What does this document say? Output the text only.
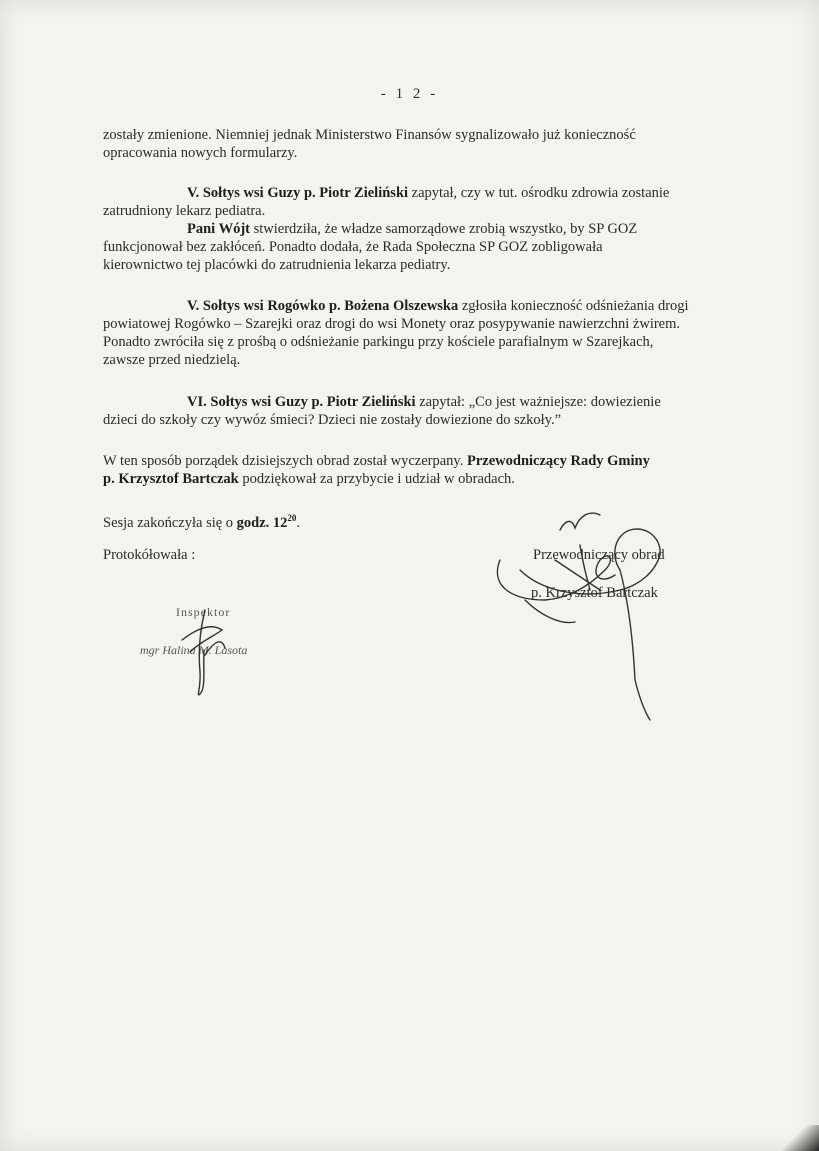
- 1 2 -
zostały zmienione. Niemniej jednak Ministerstwo Finansów sygnalizowało już konieczność
opracowania nowych formularzy.
V. Sołtys wsi Guzy p. Piotr Zieliński zapytał, czy w tut. ośrodku zdrowia zostanie
zatrudniony lekarz pediatra.
Pani Wójt stwierdziła, że władze samorządowe zrobią wszystko, by SP GOZ
funkcjonował bez zakłóceń. Ponadto dodała, że Rada Społeczna SP GOZ zobligowała
kierownictwo tej placówki do zatrudnienia lekarza pediatry.
V. Sołtys wsi Rogówko p. Bożena Olszewska zgłosiła konieczność odśnieżania drogi
powiatowej Rogówko – Szarejki oraz drogi do wsi Monety oraz posypywanie nawierzchni żwirem.
Ponadto zwróciła się z prośbą o odśnieżanie parkingu przy kościele parafialnym w Szarejkach,
zawsze przed niedzielą.
VI. Sołtys wsi Guzy p. Piotr Zieliński zapytał: „Co jest ważniejsze: dowiezienie
dzieci do szkoły czy wywóz śmieci? Dzieci nie zostały dowiezione do szkoły.”
W ten sposób porządek dzisiejszych obrad został wyczerpany. Przewodniczący Rady Gminy
p. Krzysztof Bartczak podziękował za przybycie i udział w obradach.
Sesja zakończyła się o godz. $12^{20}$.
Protokółowała :	Przewodniczący obrad
p. Krzysztof Bartczak
Inspektor
mgr Halina M. Lasota
